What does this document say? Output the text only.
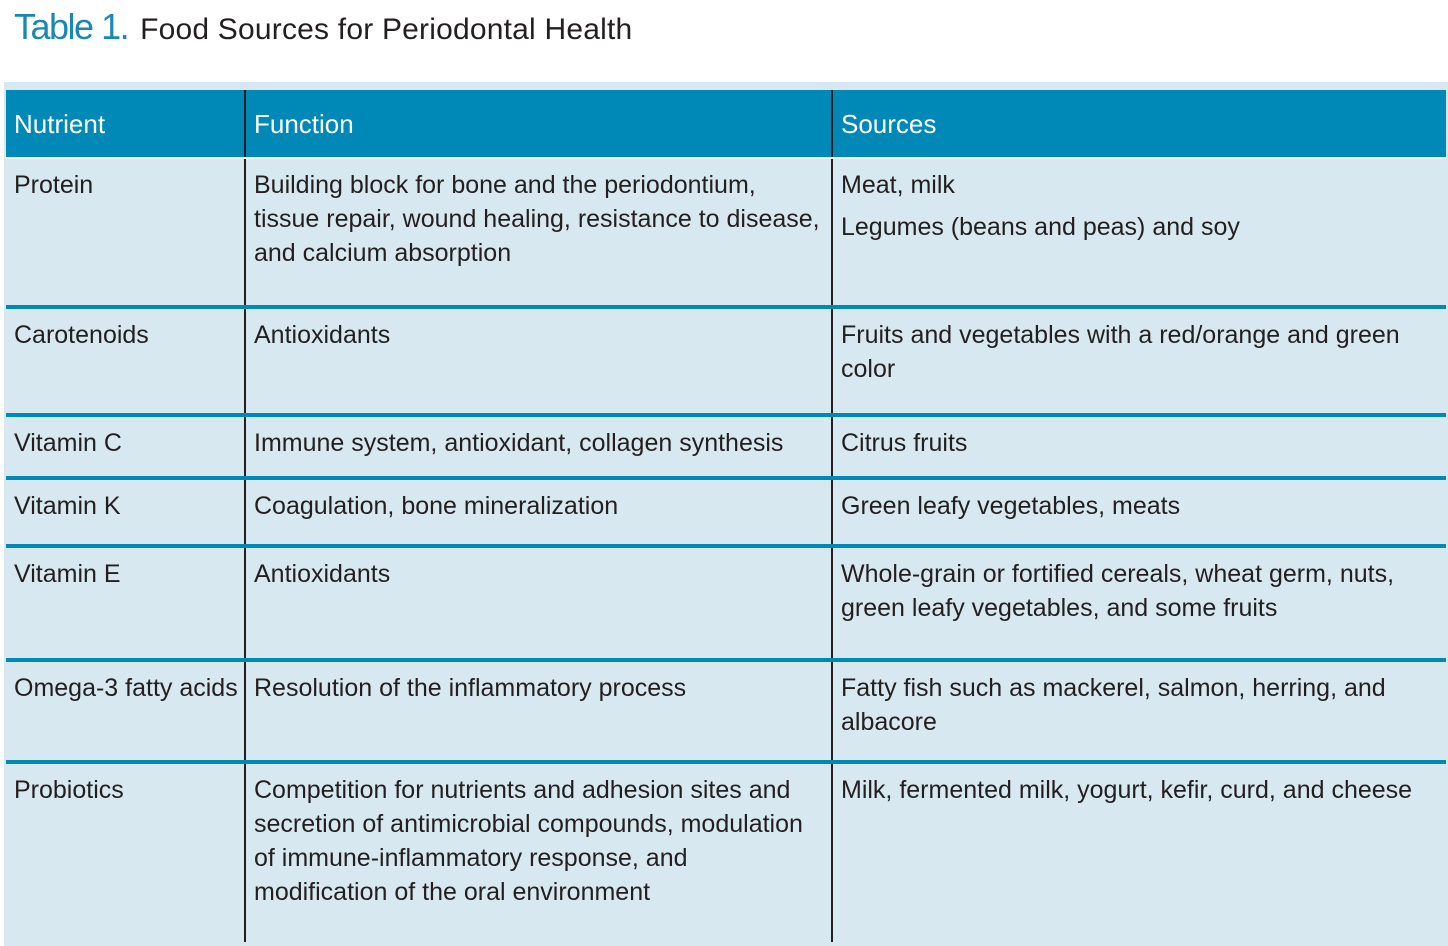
Table 1. Food Sources for Periodontal Health
Nutrient	Function	Sources
Protein	Building block for bone and the periodontium, tissue repair, wound healing, resistance to disease, and calcium absorption	Meat, milk
Legumes (beans and peas) and soy

Carotenoids	Antioxidants	Fruits and vegetables with a red/orange and green color

Vitamin C	Immune system, antioxidant, collagen synthesis	Citrus fruits

Vitamin K	Coagulation, bone mineralization	Green leafy vegetables, meats

Vitamin E	Antioxidants	Whole-grain or fortified cereals, wheat germ, nuts, green leafy vegetables, and some fruits

Omega-3 fatty acids	Resolution of the inflammatory process	Fatty fish such as mackerel, salmon, herring, and albacore

Probiotics	Competition for nutrients and adhesion sites and secretion of antimicrobial compounds, modulation of immune-inflammatory response, and modification of the oral environment	Milk, fermented milk, yogurt, kefir, curd, and cheese
